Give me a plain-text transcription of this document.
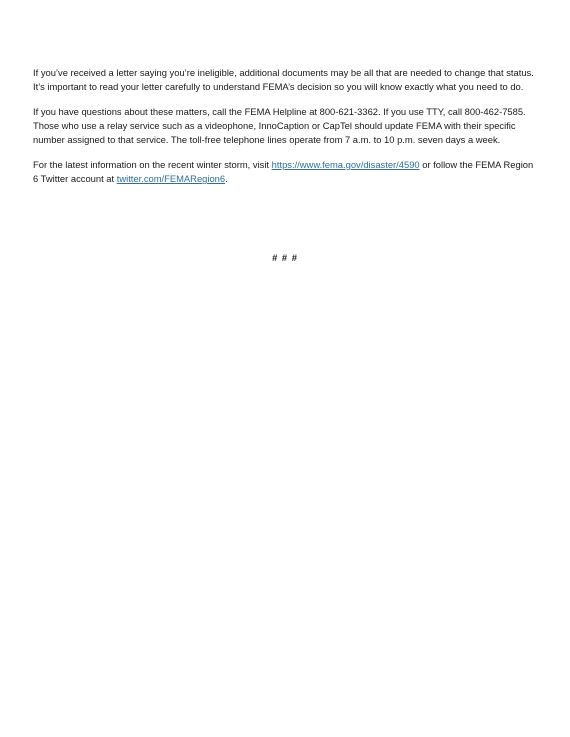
If you’ve received a letter saying you’re ineligible, additional documents may be all that are needed to change that status. It’s important to read your letter carefully to understand FEMA’s decision so you will know exactly what you need to do.

If you have questions about these matters, call the FEMA Helpline at 800-621-3362. If you use TTY, call 800-462-7585. Those who use a relay service such as a videophone, InnoCaption or CapTel should update FEMA with their specific number assigned to that service. The toll-free telephone lines operate from 7 a.m. to 10 p.m. seven days a week.

For the latest information on the recent winter storm, visit https://www.fema.gov/disaster/4590 or follow the FEMA Region 6 Twitter account at twitter.com/FEMARegion6.

# # #
